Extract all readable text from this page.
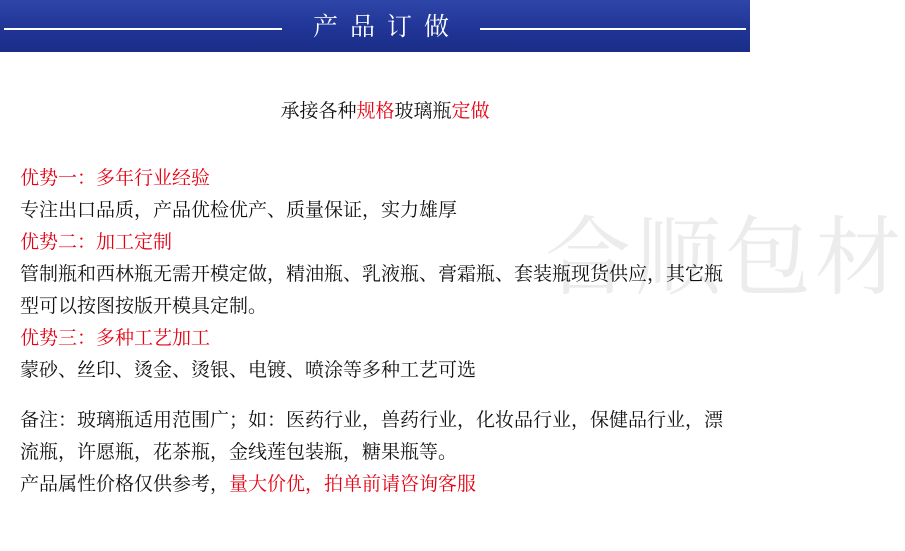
产品订做
合顺包材
承接各种规格玻璃瓶定做
优势一：多年行业经验
专注出口品质，产品优检优产、质量保证，实力雄厚
优势二：加工定制
管制瓶和西林瓶无需开模定做，精油瓶、乳液瓶、膏霜瓶、套装瓶现货供应，其它瓶型可以按图按版开模具定制。
优势三：多种工艺加工
蒙砂、丝印、烫金、烫银、电镀、喷涂等多种工艺可选
备注：玻璃瓶适用范围广；如：医药行业，兽药行业，化妆品行业，保健品行业，漂流瓶，许愿瓶，花茶瓶，金线莲包装瓶，糖果瓶等。
产品属性价格仅供参考，量大价优，拍单前请咨询客服
